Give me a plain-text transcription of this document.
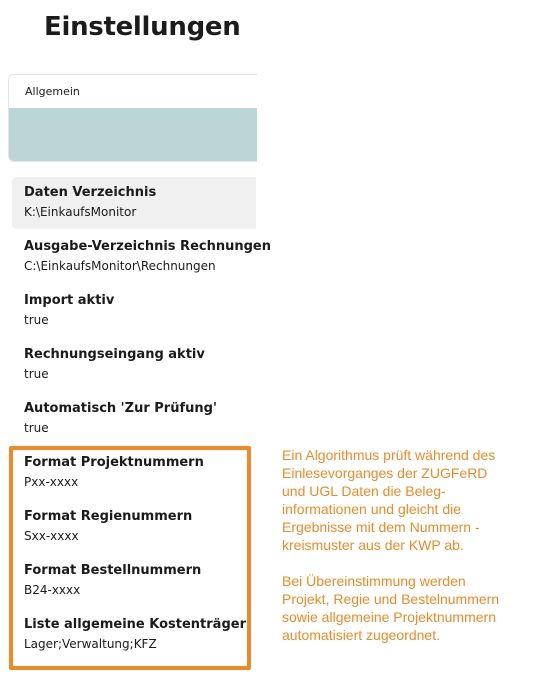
Einstellungen
Allgemein
Daten Verzeichnis
K:\EinkaufsMonitor
Ausgabe-Verzeichnis Rechnungen
C:\EinkaufsMonitor\Rechnungen
Import aktiv
true
Rechnungseingang aktiv
true
Automatisch 'Zur Prüfung'
true
Format Projektnummern
Pxx-xxxx
Format Regienummern
Sxx-xxxx
Format Bestellnummern
B24-xxxx
Liste allgemeine Kostenträger
Lager;Verwaltung;KFZ

Ein Algorithmus prüft während des
Einlesevorganges der ZUGFeRD
und UGL Daten die Beleg-
informationen und gleicht die
Ergebnisse mit dem Nummern -
kreismuster aus der KWP ab.

Bei Übereinstimmung werden
Projekt, Regie und Bestelnummern
sowie allgemeine Projektnummern
automatisiert zugeordnet.
